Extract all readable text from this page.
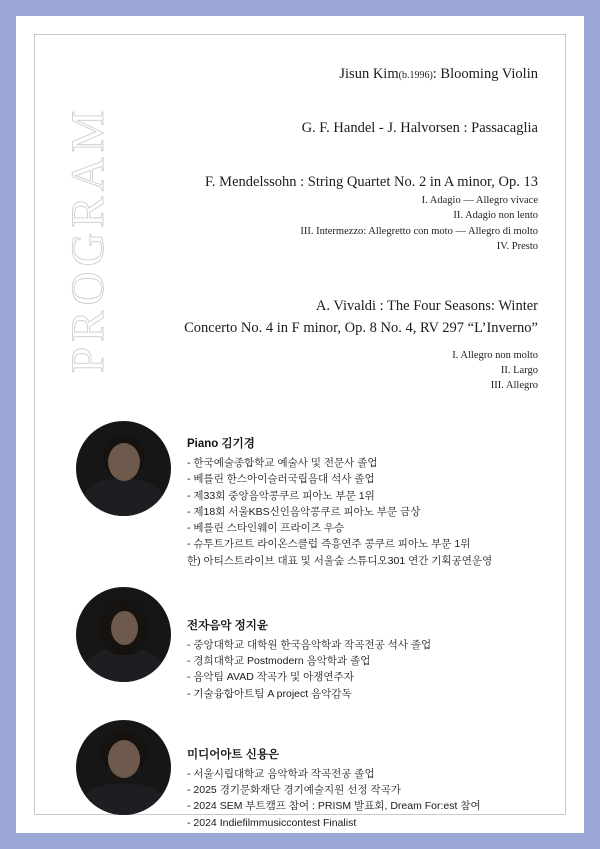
PROGRAM
Jisun Kim(b.1996): Blooming Violin
G. F. Handel - J. Halvorsen : Passacaglia
F. Mendelssohn : String Quartet No. 2 in A minor, Op. 13
I. Adagio — Allegro vivace
II. Adagio non lento
III. Intermezzo: Allegretto con moto — Allegro di molto
IV. Presto
A. Vivaldi : The Four Seasons: Winter
Concerto No. 4 in F minor, Op. 8 No. 4, RV 297 “L’Inverno”
I. Allegro non molto
II. Largo
III. Allegro
Piano 김기경
- 한국예술종합학교 예술사 및 전문사 졸업
- 베를린 한스아이슬러국립음대 석사 졸업
- 제33회 중앙음악콩쿠르 피아노 부문 1위
- 제18회 서울KBS신인음악콩쿠르 피아노 부문 금상
- 베를린 스타인웨이 프라이즈 우승
- 슈투트가르트 라이온스클럽 즉흥연주 콩쿠르 피아노 부문 1위
한) 아티스트라이브 대표 및 서울숲 스튜디오301 연간 기획공연운영
전자음악 정지윤
- 중앙대학교 대학원 한국음악학과 작곡전공 석사 졸업
- 경희대학교 Postmodern 음악학과 졸업
- 음악팀 AVAD 작곡가 및 아쟁연주자
- 기술융합아트팀 A project 음악감독
미디어아트 신용은
- 서울시립대학교 음악학과 작곡전공 졸업
- 2025 경기문화재단 경기예술지원 선정 작곡가
- 2024 SEM 부트캠프 참여 : PRISM 발표회, Dream For:est 참여
- 2024 Indiefilmmusiccontest Finalist
